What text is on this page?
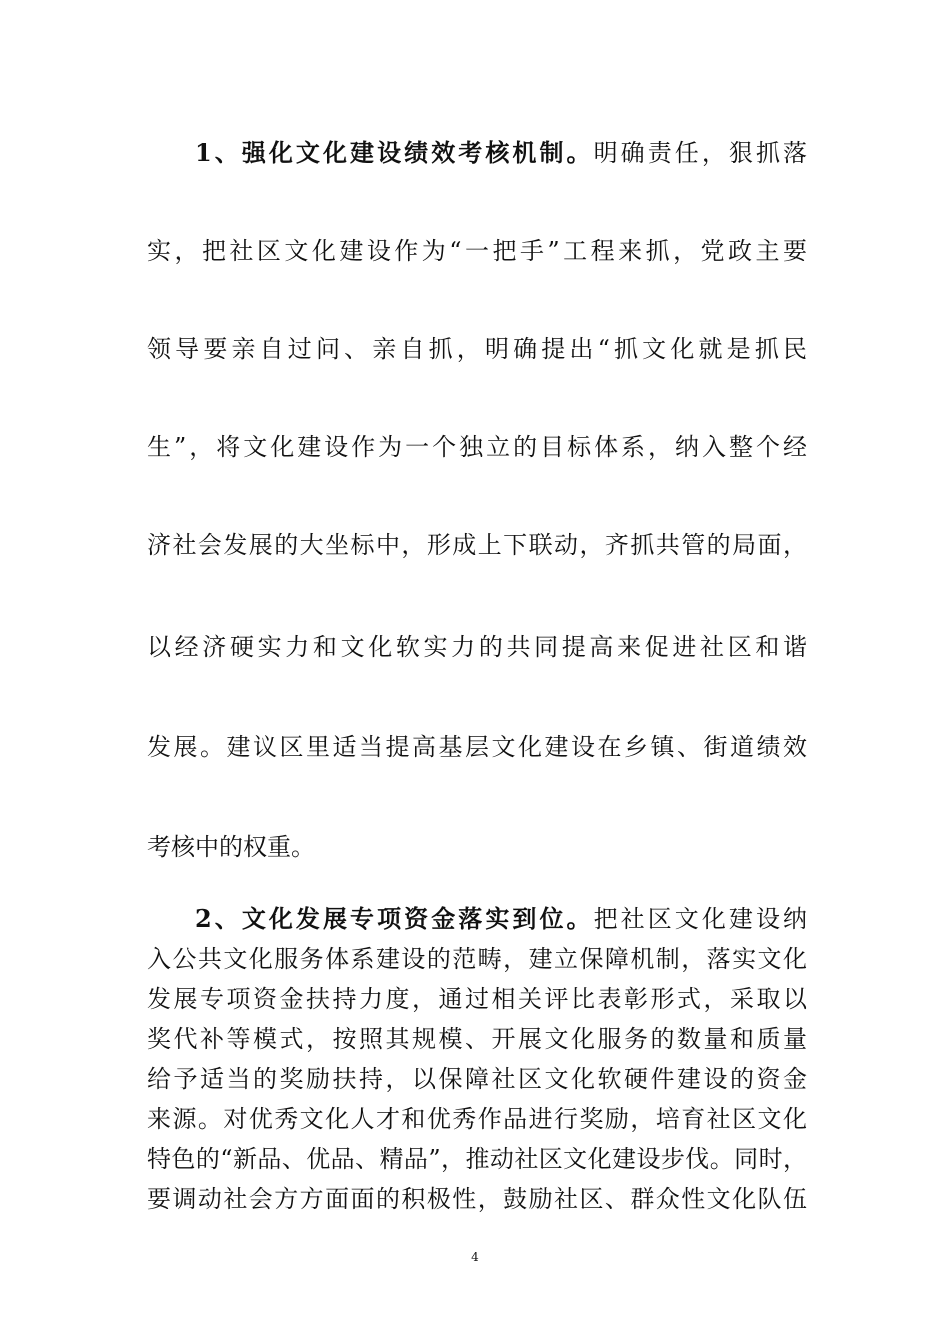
1、强化文化建设绩效考核机制。明确责任，狠抓落
实，把社区文化建设作为“一把手”工程来抓，党政主要
领导要亲自过问、亲自抓，明确提出“抓文化就是抓民
生”，将文化建设作为一个独立的目标体系，纳入整个经
济社会发展的大坐标中，形成上下联动，齐抓共管的局面，
以经济硬实力和文化软实力的共同提高来促进社区和谐
发展。建议区里适当提高基层文化建设在乡镇、街道绩效
考核中的权重。
2、文化发展专项资金落实到位。把社区文化建设纳
入公共文化服务体系建设的范畴，建立保障机制，落实文化
发展专项资金扶持力度，通过相关评比表彰形式，采取以
奖代补等模式，按照其规模、开展文化服务的数量和质量
给予适当的奖励扶持，以保障社区文化软硬件建设的资金
来源。对优秀文化人才和优秀作品进行奖励，培育社区文化
特色的“新品、优品、精品”，推动社区文化建设步伐。同时，
要调动社会方方面面的积极性，鼓励社区、群众性文化队伍
4
